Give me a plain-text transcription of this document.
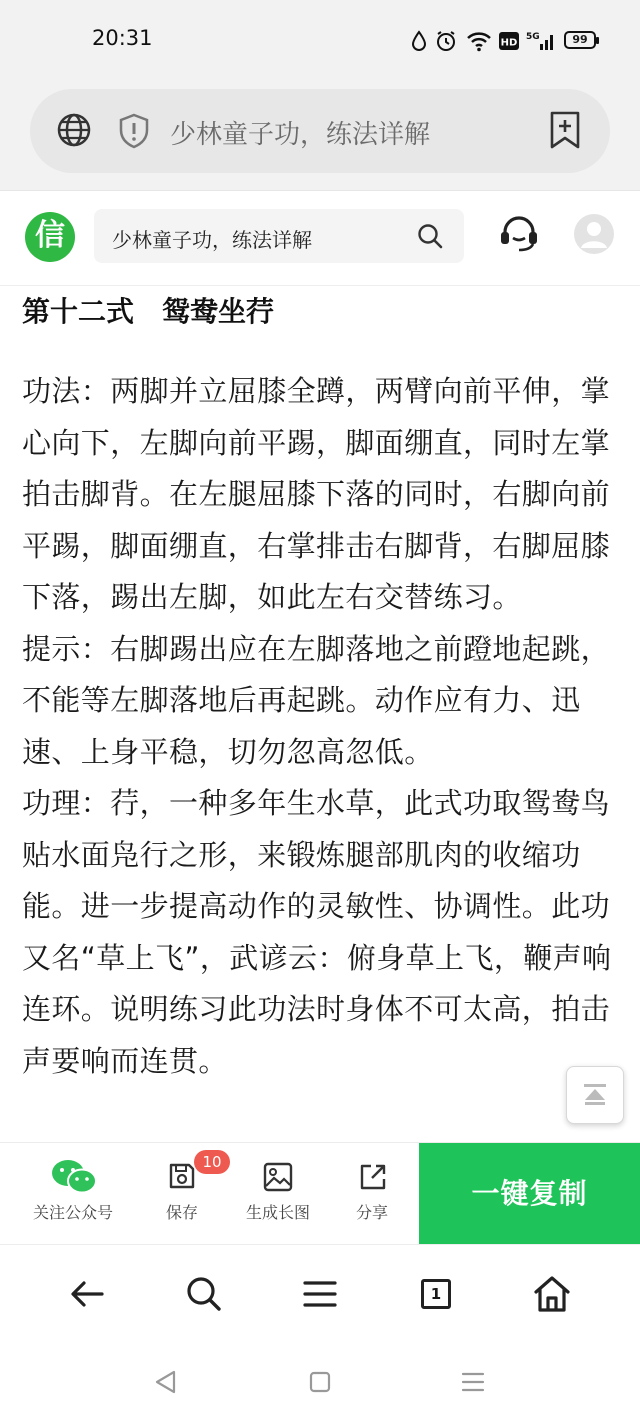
20:31	HD
5G	99
少林童子功，练法详解
信	少林童子功，练法详解
第十二式　鸳鸯坐荇

功法：两脚并立屈膝全蹲，两臂向前平伸，掌心向下，左脚向前平踢，脚面绷直，同时左掌拍击脚背。在左腿屈膝下落的同时，右脚向前平踢，脚面绷直，右掌排击右脚背，右脚屈膝下落，踢出左脚，如此左右交替练习。

提示：右脚踢出应在左脚落地之前蹬地起跳，不能等左脚落地后再起跳。动作应有力、迅速、上身平稳，切勿忽高忽低。

功理：荇，一种多年生水草，此式功取鸳鸯鸟贴水面凫行之形，来锻炼腿部肌肉的收缩功能。进一步提高动作的灵敏性、协调性。此功又名“草上飞”，武谚云：俯身草上飞，鞭声响连环。说明练习此功法时身体不可太高，拍击声要响而连贯。

关注公众号	保存
10
生成长图	分享
一键复制
1
